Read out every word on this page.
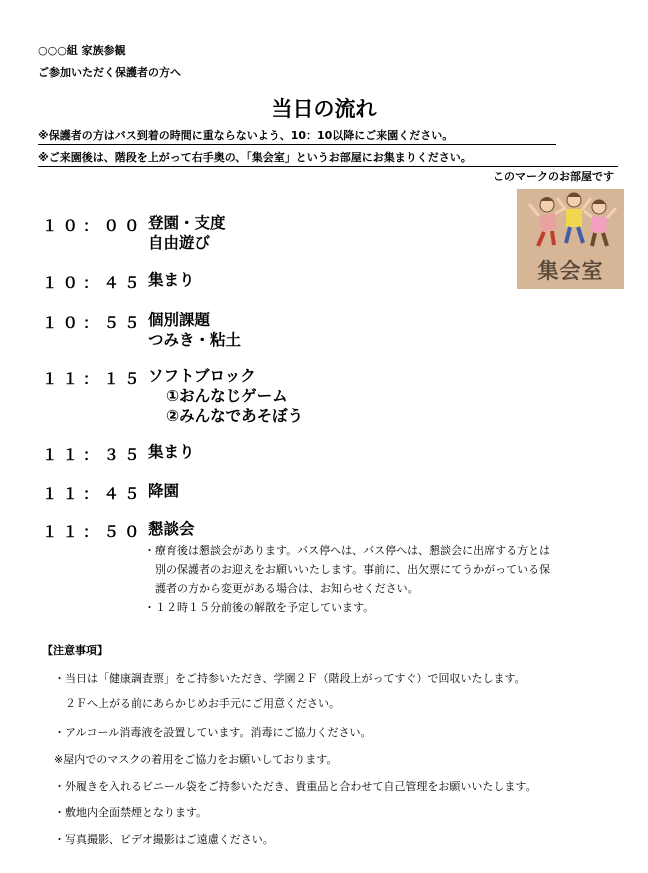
○○○組 家族参観
ご参加いただく保護者の方へ
当日の流れ
※保護者の方はバス到着の時間に重ならないよう、10：10以降にご来園ください。
※ご来園後は、階段を上がって右手奥の、「集会室」というお部屋にお集まりください。
このマークのお部屋です
集会室
１０：００ 登園・支度
自由遊び
１０：４５ 集まり
１０：５５ 個別課題
つみき・粘土
１１：１５ ソフトブロック
①おんなじゲーム
②みんなであそぼう
１１：３５ 集まり
１１：４５ 降園
１１：５０ 懇談会
・療育後は懇談会があります。バス停へは、バス停へは、懇談会に出席する方とは
　別の保護者のお迎えをお願いいたします。事前に、出欠票にてうかがっている保
　護者の方から変更がある場合は、お知らせください。
・１２時１５分前後の解散を予定しています。
【注意事項】
・当日は「健康調査票」をご持参いただき、学園２Ｆ（階段上がってすぐ）で回収いたします。
　２Ｆへ上がる前にあらかじめお手元にご用意ください。
・アルコール消毒液を設置しています。消毒にご協力ください。
※屋内でのマスクの着用をご協力をお願いしております。
・外履きを入れるビニール袋をご持参いただき、貴重品と合わせて自己管理をお願いいたします。
・敷地内全面禁煙となります。
・写真撮影、ビデオ撮影はご遠慮ください。
